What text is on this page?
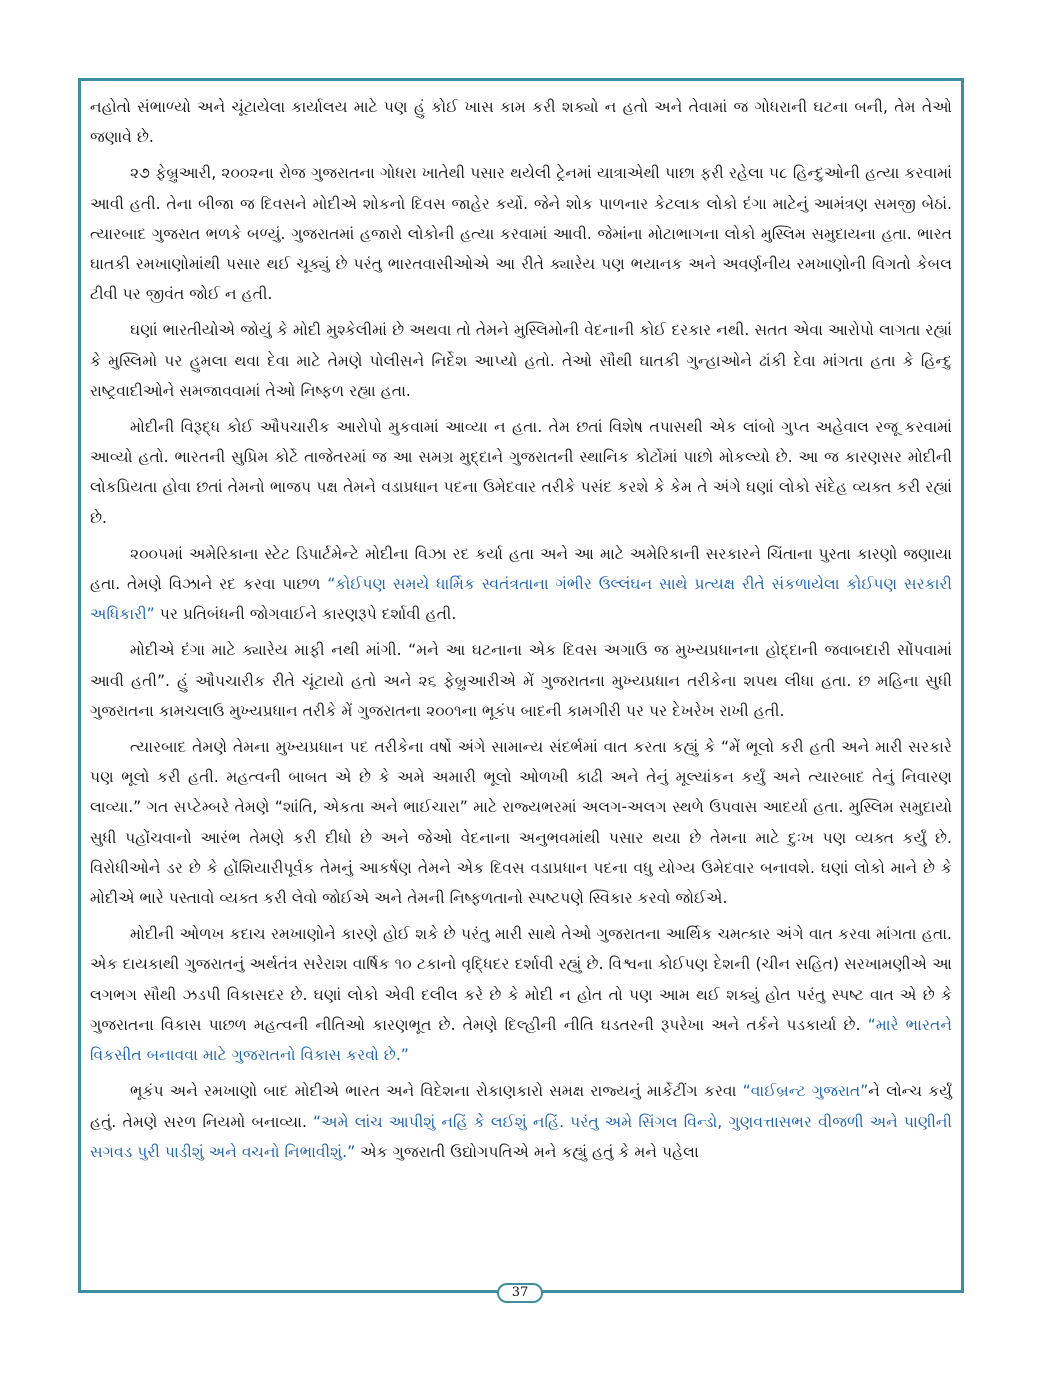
નહોતો સંભાળ્યો અને ચૂંટાયેલા કાર્યાલય માટે પણ હું કોઈ ખાસ કામ કરી શક્યો ન હતો અને તેવામાં જ ગોધરાની ઘટના બની, તેમ તેઓ જણાવે છે.

૨૭ ફેબ્રુઆરી, ૨૦૦૨ના રોજ ગુજરાતના ગોધરા ખાતેથી પસાર થયેલી ટ્રેનમાં યાત્રાએથી પાછા ફરી રહેલા ૫૮ હિન્દુઓની હત્યા કરવામાં આવી હતી. તેના બીજા જ દિવસને મોદીએ શોકનો દિવસ જાહેર કર્યો. જેને શોક પાળનાર કેટલાક લોકો દંગા માટેનું આમંત્રણ સમજી બેઠાં. ત્યારબાદ ગુજરાત ભળકે બળ્યું. ગુજરાતમાં હજારો લોકોની હત્યા કરવામાં આવી. જેમાંના મોટાભાગના લોકો મુસ્લિમ સમુદાયના હતા. ભારત ઘાતકી રમખાણોમાંથી પસાર થઈ ચૂક્યું છે પરંતુ ભારતવાસીઓએ આ રીતે ક્યારેય પણ ભયાનક અને અવર્ણનીય રમખાણોની વિગતો કેબલ ટીવી પર જીવંત જોઈ ન હતી.

ઘણાં ભારતીયોએ જોયું કે મોદી મુશ્કેલીમાં છે અથવા તો તેમને મુસ્લિમોની વેદનાની કોઈ દરકાર નથી. સતત એવા આરોપો લાગતા રહ્યાં કે મુસ્લિમો પર હુમલા થવા દેવા માટે તેમણે પોલીસને નિર્દેશ આપ્યો હતો. તેઓ સૌથી ઘાતકી ગુન્હાઓને ઢાંકી દેવા માંગતા હતા કે હિન્દુ રાષ્ટ્રવાદીઓને સમજાવવામાં તેઓ નિષ્ફળ રહ્યા હતા.

મોદીની વિરૂદ્ધ કોઈ ઔપચારીક આરોપો મુકવામાં આવ્યા ન હતા. તેમ છતાં વિશેષ તપાસથી એક લાંબો ગુપ્ત અહેવાલ રજૂ કરવામાં આવ્યો હતો. ભારતની સુપ્રિમ કોર્ટે તાજેતરમાં જ આ સમગ્ર મુદ્દાને ગુજરાતની સ્થાનિક કોર્ટોમાં પાછો મોકલ્યો છે. આ જ કારણસર મોદીની લોકપ્રિયતા હોવા છતાં તેમનો ભાજપ પક્ષ તેમને વડાપ્રધાન પદના ઉમેદવાર તરીકે પસંદ કરશે કે કેમ તે અંગે ઘણાં લોકો સંદેહ વ્યક્ત કરી રહ્યાં છે.

૨૦૦૫માં અમેરિકાના સ્ટેટ ડિપાર્ટમેન્ટે મોદીના વિઝા રદ કર્યા હતા અને આ માટે અમેરિકાની સરકારને ચિંતાના પુરતા કારણો જણાયા હતા. તેમણે વિઝાને રદ કરવા પાછળ “કોઈપણ સમયે ધાર્મિક સ્વતંત્રતાના ગંભીર ઉલ્લંઘન સાથે પ્રત્યક્ષ રીતે સંકળાયેલા કોઈપણ સરકારી અધિકારી” પર પ્રતિબંધની જોગવાઈને કારણરૂપે દર્શાવી હતી.

મોદીએ દંગા માટે ક્યારેય માફી નથી માંગી. “મને આ ઘટનાના એક દિવસ અગાઉ જ મુખ્યપ્રધાનના હોદ્દાની જવાબદારી સોંપવામાં આવી હતી”. હું ઔપચારીક રીતે ચૂંટાયો હતો અને ૨૬ ફેબ્રુઆરીએ મેં ગુજરાતના મુખ્યપ્રધાન તરીકેના શપથ લીધા હતા. છ મહિના સુધી ગુજરાતના કામચલાઉ મુખ્યપ્રધાન તરીકે મેં ગુજરાતના ૨૦૦૧ના ભૂકંપ બાદની કામગીરી પર પર દેખરેખ રાખી હતી.

ત્યારબાદ તેમણે તેમના મુખ્યપ્રધાન પદ તરીકેના વર્ષો અંગે સામાન્ય સંદર્ભમાં વાત કરતા કહ્યું કે “મેં ભૂલો કરી હતી અને મારી સરકારે પણ ભૂલો કરી હતી. મહત્વની બાબત એ છે કે અમે અમારી ભૂલો ઓળખી કાઢી અને તેનું મૂલ્યાંકન કર્યું અને ત્યારબાદ તેનું નિવારણ લાવ્યા.” ગત સપ્ટેમ્બરે તેમણે “શાંતિ, એકતા અને ભાઈચારા” માટે રાજ્યભરમાં અલગ-અલગ સ્થળે ઉપવાસ આદર્યા હતા. મુસ્લિમ સમુદાયો સુધી પહોંચવાનો આરંભ તેમણે કરી દીધો છે અને જેઓ વેદનાના અનુભવમાંથી પસાર થયા છે તેમના માટે દુઃખ પણ વ્યક્ત કર્યું છે. વિરોધીઓને ડર છે કે હોંશિયારીપૂર્વક તેમનું આકર્ષણ તેમને એક દિવસ વડાપ્રધાન પદના વધુ યોગ્ય ઉમેદવાર બનાવશે. ઘણાં લોકો માને છે કે મોદીએ ભારે પસ્તાવો વ્યક્ત કરી લેવો જોઈએ અને તેમની નિષ્ફળતાનો સ્પષ્ટપણે સ્વિકાર કરવો જોઈએ.

મોદીની ઓળખ કદાચ રમખાણોને કારણે હોઈ શકે છે પરંતુ મારી સાથે તેઓ ગુજરાતના આર્થિક ચમત્કાર અંગે વાત કરવા માંગતા હતા. એક દાયકાથી ગુજરાતનું અર્થતંત્ર સરેરાશ વાર્ષિક ૧૦ ટકાનો વૃદ્ધિદર દર્શાવી રહ્યું છે. વિશ્વના કોઈપણ દેશની (ચીન સહિત) સરખામણીએ આ લગભગ સૌથી ઝડપી વિકાસદર છે. ઘણાં લોકો એવી દલીલ કરે છે કે મોદી ન હોત તો પણ આમ થઈ શક્યું હોત પરંતુ સ્પષ્ટ વાત એ છે કે ગુજરાતના વિકાસ પાછળ મહત્વની નીતિઓ કારણભૂત છે. તેમણે દિલ્હીની નીતિ ઘડતરની રૂપરેખા અને તર્કને પડકાર્યા છે. “મારે ભારતને વિકસીત બનાવવા માટે ગુજરાતનો વિકાસ કરવો છે.”

ભૂકંપ અને રમખાણો બાદ મોદીએ ભારત અને વિદેશના રોકાણકારો સમક્ષ રાજ્યનું માર્કેટીંગ કરવા “વાઈબ્રન્ટ ગુજરાત”ને લોન્ચ કર્યું હતું. તેમણે સરળ નિયમો બનાવ્યા. “અમે લાંચ આપીશું નહિં કે લઈશું નહિં. પરંતુ અમે સિંગલ વિન્ડો, ગુણવત્તાસભર વીજળી અને પાણીની સગવડ પુરી પાડીશું અને વચનો નિભાવીશું.” એક ગુજરાતી ઉદ્યોગપતિએ મને કહ્યું હતું કે મને પહેલા

37
